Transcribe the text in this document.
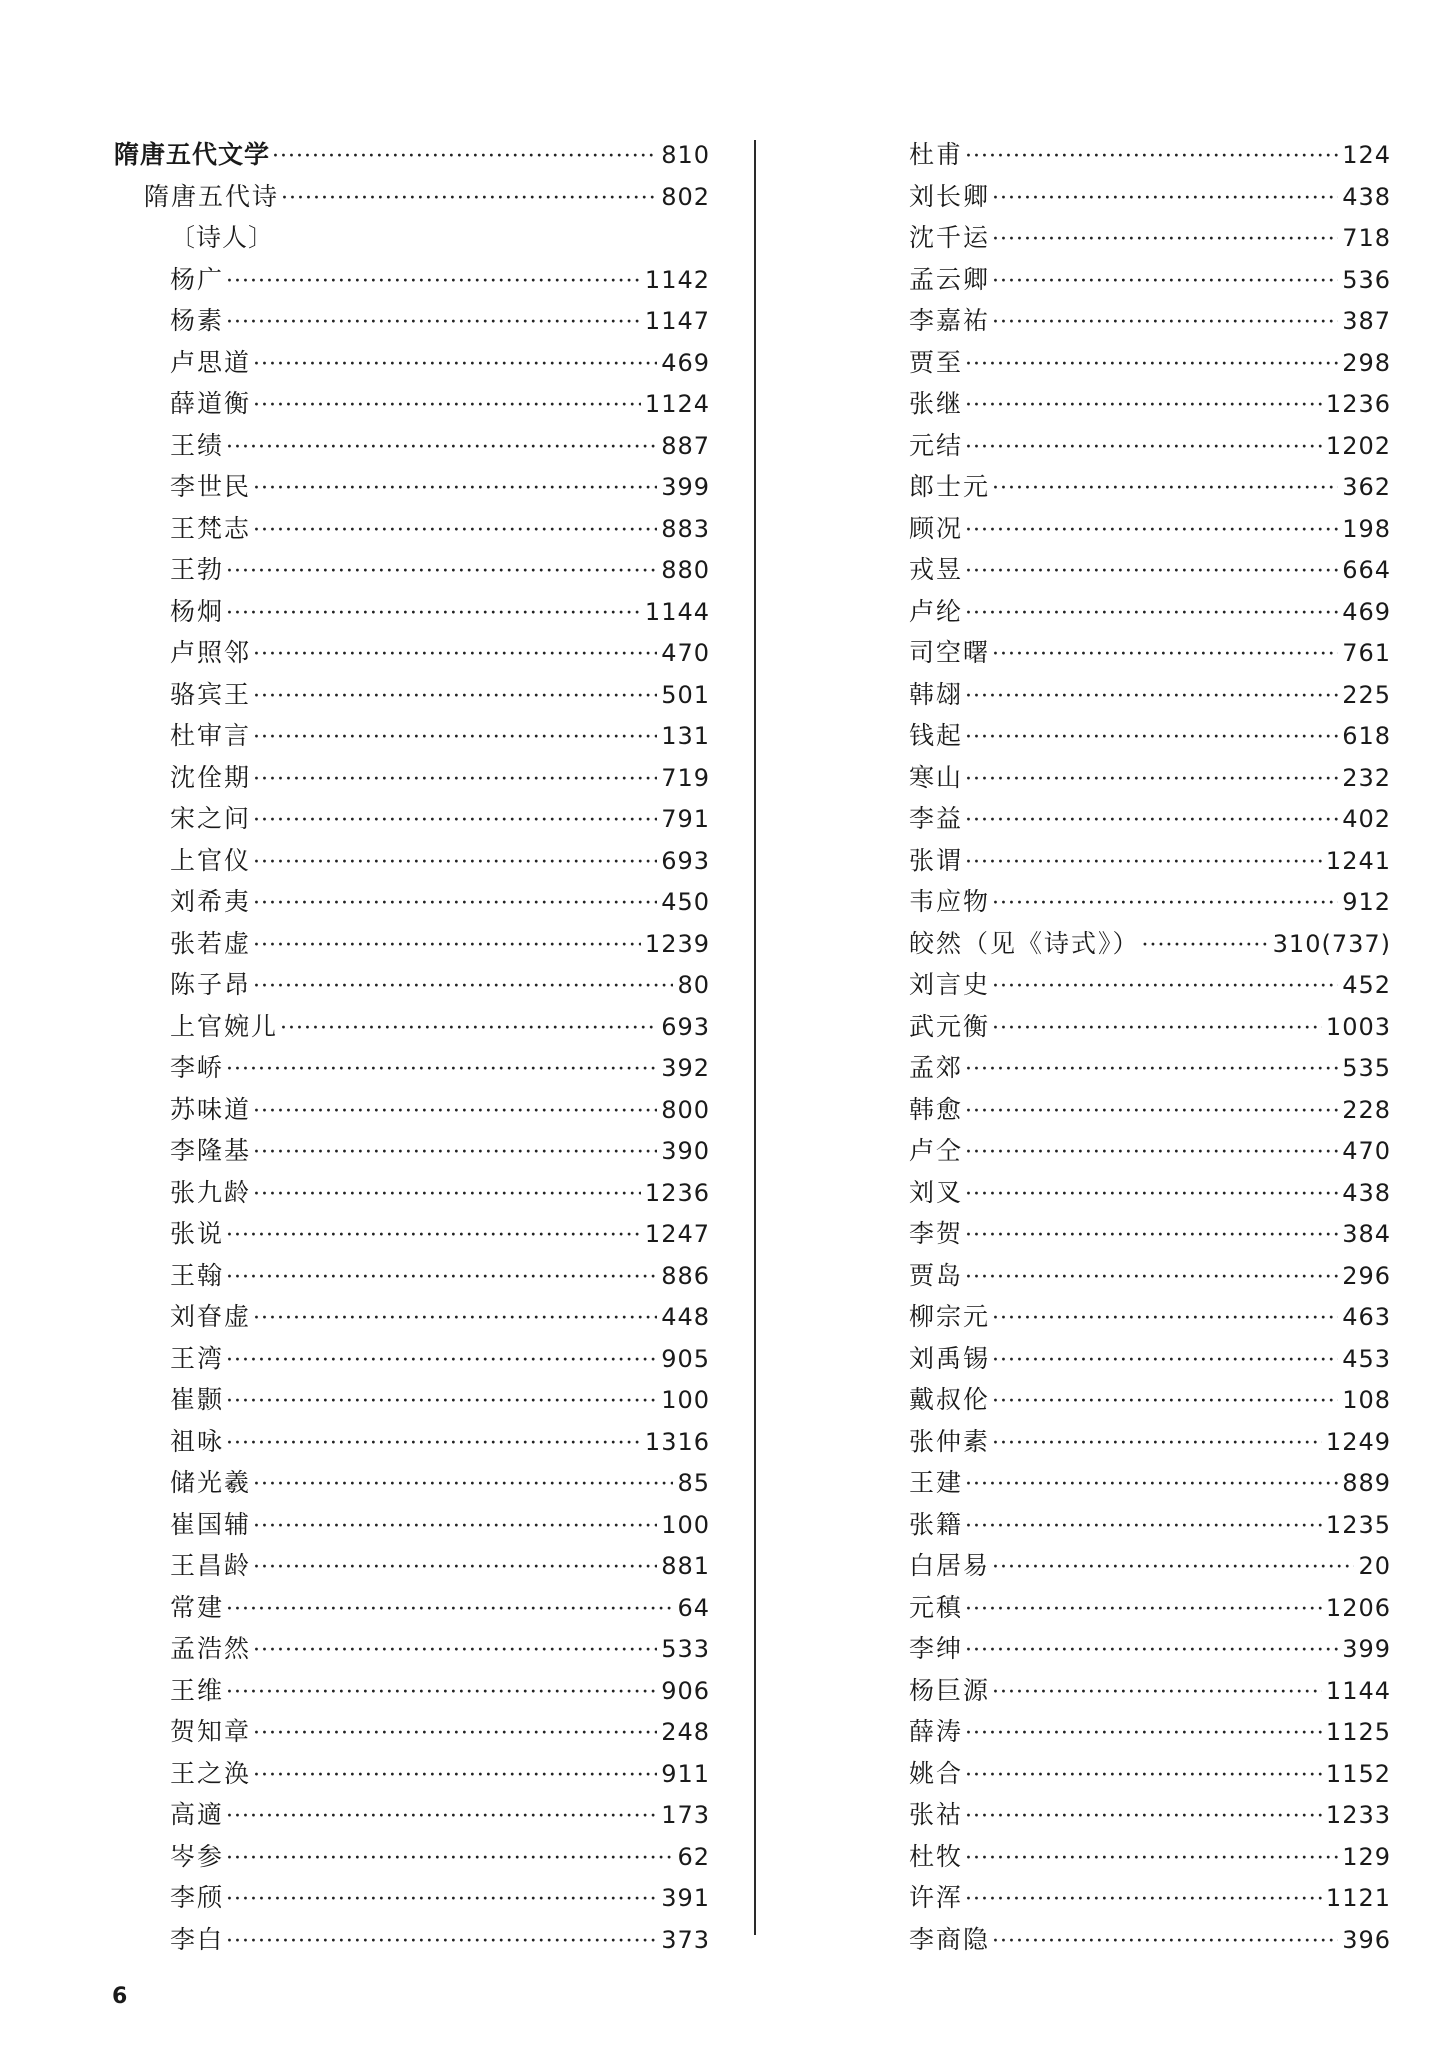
隋唐五代文学 ·····	810
隋唐五代诗 ·····	802
〔诗人〕
杨广 ·····	1142
杨素 ·····	1147
卢思道 ·····	469
薛道衡 ·····	1124
王绩 ·····	887
李世民 ·····	399
王梵志 ·····	883
王勃 ·····	880
杨炯 ·····	1144
卢照邻 ·····	470
骆宾王 ·····	501
杜审言 ·····	131
沈佺期 ·····	719
宋之问 ·····	791
上官仪 ·····	693
刘希夷 ·····	450
张若虚 ·····	1239
陈子昂 ·····	80
上官婉儿 ·····	693
李峤 ·····	392
苏味道 ·····	800
李隆基 ·····	390
张九龄 ·····	1236
张说 ·····	1247
王翰 ·····	886
刘眘虚 ·····	448
王湾 ·····	905
崔颢 ·····	100
祖咏 ·····	1316
储光羲 ·····	85
崔国辅 ·····	100
王昌龄 ·····	881
常建 ·····	64
孟浩然 ·····	533
王维 ·····	906
贺知章 ·····	248
王之涣 ·····	911
高適 ·····	173
岑参 ·····	62
李颀 ·····	391
李白 ·····	373
杜甫 ·····	124
刘长卿 ·····	438
沈千运 ·····	718
孟云卿 ·····	536
李嘉祐 ·····	387
贾至 ·····	298
张继 ·····	1236
元结 ·····	1202
郎士元 ·····	362
顾况 ·····	198
戎昱 ·····	664
卢纶 ·····	469
司空曙 ·····	761
韩翃 ·····	225
钱起 ·····	618
寒山 ·····	232
李益 ·····	402
张谓 ·····	1241
韦应物 ·····	912
皎然（见《诗式》） ·····	310(737)
刘言史 ·····	452
武元衡 ·····	1003
孟郊 ·····	535
韩愈 ·····	228
卢仝 ·····	470
刘叉 ·····	438
李贺 ·····	384
贾岛 ·····	296
柳宗元 ·····	463
刘禹锡 ·····	453
戴叔伦 ·····	108
张仲素 ·····	1249
王建 ·····	889
张籍 ·····	1235
白居易 ·····	20
元稹 ·····	1206
李绅 ·····	399
杨巨源 ·····	1144
薛涛 ·····	1125
姚合 ·····	1152
张祜 ·····	1233
杜牧 ·····	129
许浑 ·····	1121
李商隐 ·····	396
6
